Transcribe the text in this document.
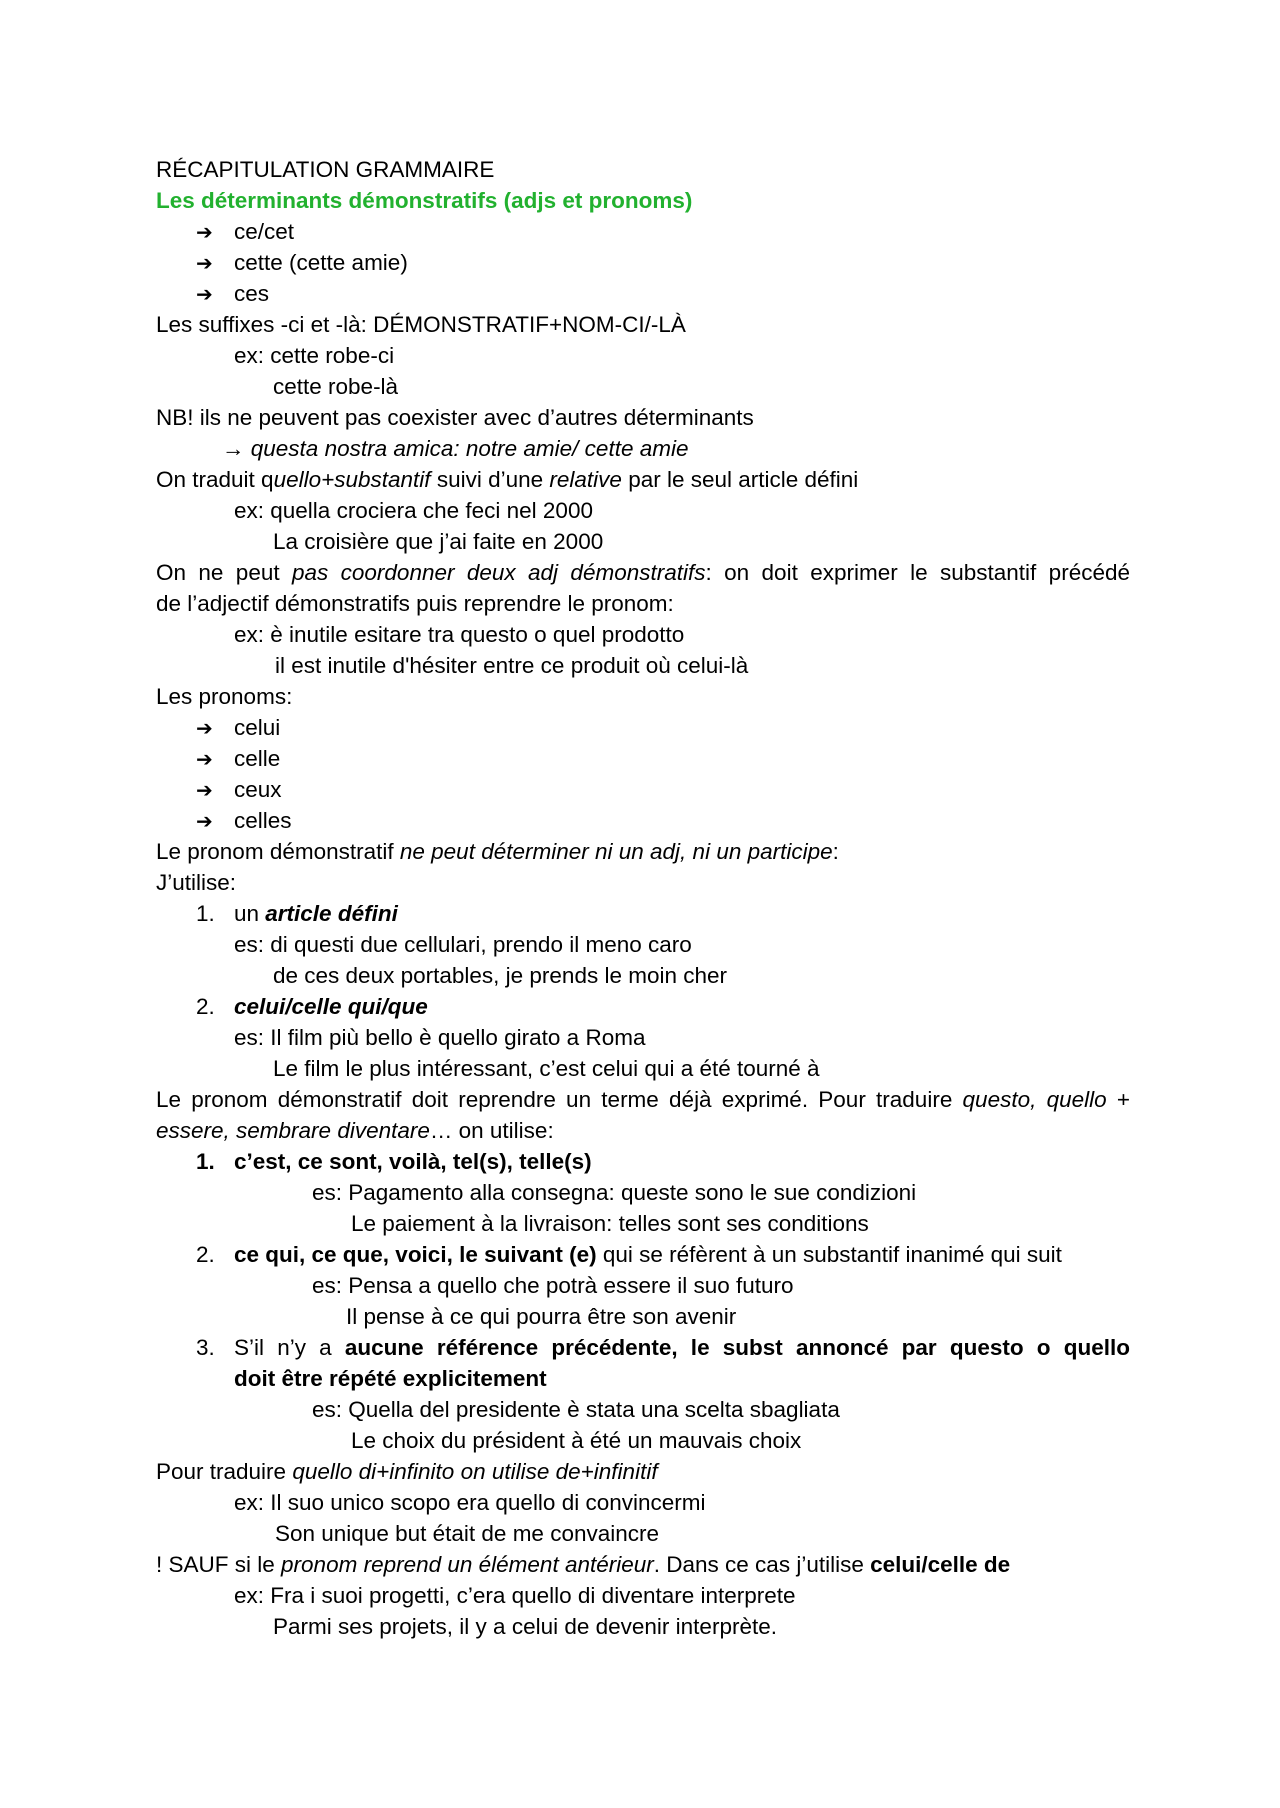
RÉCAPITULATION GRAMMAIRE
Les déterminants démonstratifs (adjs et pronoms)
➔ ce/cet
➔ cette (cette amie)
➔ ces
Les suffixes -ci et -là: DÉMONSTRATIF+NOM-CI/-LÀ
ex: cette robe-ci
cette robe-là
NB! ils ne peuvent pas coexister avec d’autres déterminants
→ questa nostra amica: notre amie/ cette amie
On traduit quello+substantif suivi d’une relative par le seul article défini
ex: quella crociera che feci nel 2000
La croisière que j’ai faite en 2000
On ne peut pas coordonner deux adj démonstratifs: on doit exprimer le substantif précédé
de l’adjectif démonstratifs puis reprendre le pronom:
ex: è inutile esitare tra questo o quel prodotto
il est inutile d'hésiter entre ce produit où celui-là
Les pronoms:
➔ celui
➔ celle
➔ ceux
➔ celles
Le pronom démonstratif ne peut déterminer ni un adj, ni un participe:
J’utilise:
1. un article défini
es: di questi due cellulari, prendo il meno caro
de ces deux portables, je prends le moin cher
2. celui/celle qui/que
es: Il film più bello è quello girato a Roma
Le film le plus intéressant, c’est celui qui a été tourné à
Le pronom démonstratif doit reprendre un terme déjà exprimé. Pour traduire questo, quello +
essere, sembrare diventare… on utilise:
1. c’est, ce sont, voilà, tel(s), telle(s)
es: Pagamento alla consegna: queste sono le sue condizioni
Le paiement à la livraison: telles sont ses conditions
2. ce qui, ce que, voici, le suivant (e) qui se réfèrent à un substantif inanimé qui suit
es: Pensa a quello che potrà essere il suo futuro
Il pense à ce qui pourra être son avenir
3. S’il n’y a aucune référence précédente, le subst annoncé par questo o quello
doit être répété explicitement
es: Quella del presidente è stata una scelta sbagliata
Le choix du président à été un mauvais choix
Pour traduire quello di+infinito on utilise de+infinitif
ex: Il suo unico scopo era quello di convincermi
Son unique but était de me convaincre
! SAUF si le pronom reprend un élément antérieur. Dans ce cas j’utilise celui/celle de
ex: Fra i suoi progetti, c’era quello di diventare interprete
Parmi ses projets, il y a celui de devenir interprète.
